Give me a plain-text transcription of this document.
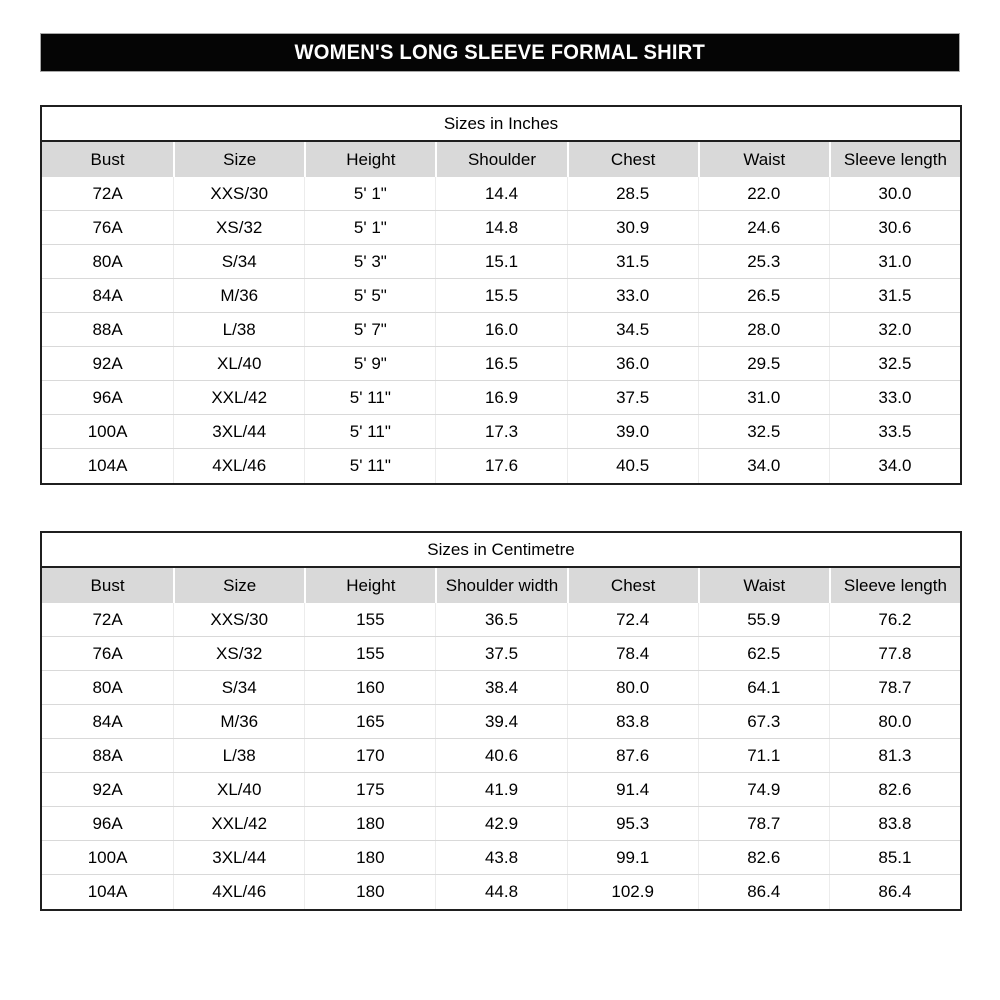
WOMEN'S LONG SLEEVE FORMAL SHIRT
Sizes in Inches
Bust	Size	Height	Shoulder	Chest	Waist	Sleeve length
72A	XXS/30	5' 1"	14.4	28.5	22.0	30.0
76A	XS/32	5' 1"	14.8	30.9	24.6	30.6
80A	S/34	5' 3"	15.1	31.5	25.3	31.0
84A	M/36	5' 5"	15.5	33.0	26.5	31.5
88A	L/38	5' 7"	16.0	34.5	28.0	32.0
92A	XL/40	5' 9"	16.5	36.0	29.5	32.5
96A	XXL/42	5' 11"	16.9	37.5	31.0	33.0
100A	3XL/44	5' 11"	17.3	39.0	32.5	33.5
104A	4XL/46	5' 11"	17.6	40.5	34.0	34.0
Sizes in Centimetre
Bust	Size	Height	Shoulder width	Chest	Waist	Sleeve length
72A	XXS/30	155	36.5	72.4	55.9	76.2
76A	XS/32	155	37.5	78.4	62.5	77.8
80A	S/34	160	38.4	80.0	64.1	78.7
84A	M/36	165	39.4	83.8	67.3	80.0
88A	L/38	170	40.6	87.6	71.1	81.3
92A	XL/40	175	41.9	91.4	74.9	82.6
96A	XXL/42	180	42.9	95.3	78.7	83.8
100A	3XL/44	180	43.8	99.1	82.6	85.1
104A	4XL/46	180	44.8	102.9	86.4	86.4
